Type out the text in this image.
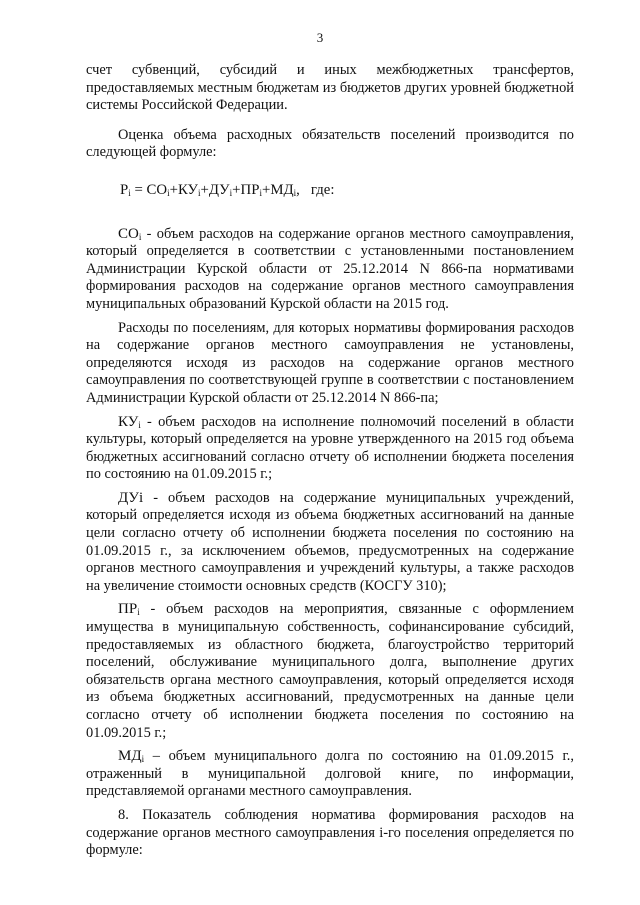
3

счет субвенций, субсидий и иных межбюджетных трансфертов, предоставляемых местным бюджетам из бюджетов других уровней бюджетной системы Российской Федерации.

Оценка объема расходных обязательств поселений производится по следующей формуле:

$P_i = СО_i+КУ_i+ДУ_i+ПР_i+МД_i$,   где:

$СО_i$ - объем расходов на содержание органов местного самоуправления, который определяется в соответствии с установленными постановлением Администрации Курской области от 25.12.2014 N 866-па нормативами формирования расходов на содержание органов местного самоуправления муниципальных образований Курской области на 2015 год.

Расходы по поселениям, для которых нормативы формирования расходов на содержание органов местного самоуправления не установлены, определяются исходя из расходов на содержание органов местного самоуправления по соответствующей группе в соответствии с постановлением Администрации Курской области от 25.12.2014 N 866-па;

$КУ_i$ - объем расходов на исполнение полномочий поселений в области культуры, который определяется на уровне утвержденного на 2015 год объема бюджетных ассигнований согласно отчету об исполнении бюджета поселения по состоянию на 01.09.2015 г.;

ДУi - объем расходов на содержание муниципальных учреждений, который определяется исходя из объема бюджетных ассигнований на данные цели согласно отчету об исполнении бюджета поселения по состоянию на 01.09.2015 г., за исключением объемов, предусмотренных на содержание органов местного самоуправления и учреждений культуры, а также расходов на увеличение стоимости основных средств (КОСГУ 310);

$ПР_i$ - объем расходов на мероприятия, связанные с оформлением имущества в муниципальную собственность, софинансирование субсидий, предоставляемых из областного бюджета, благоустройство территорий поселений, обслуживание муниципального долга, выполнение других обязательств органа местного самоуправления, который определяется исходя из объема бюджетных ассигнований, предусмотренных на данные цели согласно отчету об исполнении бюджета поселения по состоянию на 01.09.2015 г.;

$МД_i$ – объем муниципального долга по состоянию на 01.09.2015 г., отраженный в муниципальной долговой книге, по информации, представляемой органами местного самоуправления.

8. Показатель соблюдения норматива формирования расходов на содержание органов местного самоуправления i-го поселения определяется по формуле:
